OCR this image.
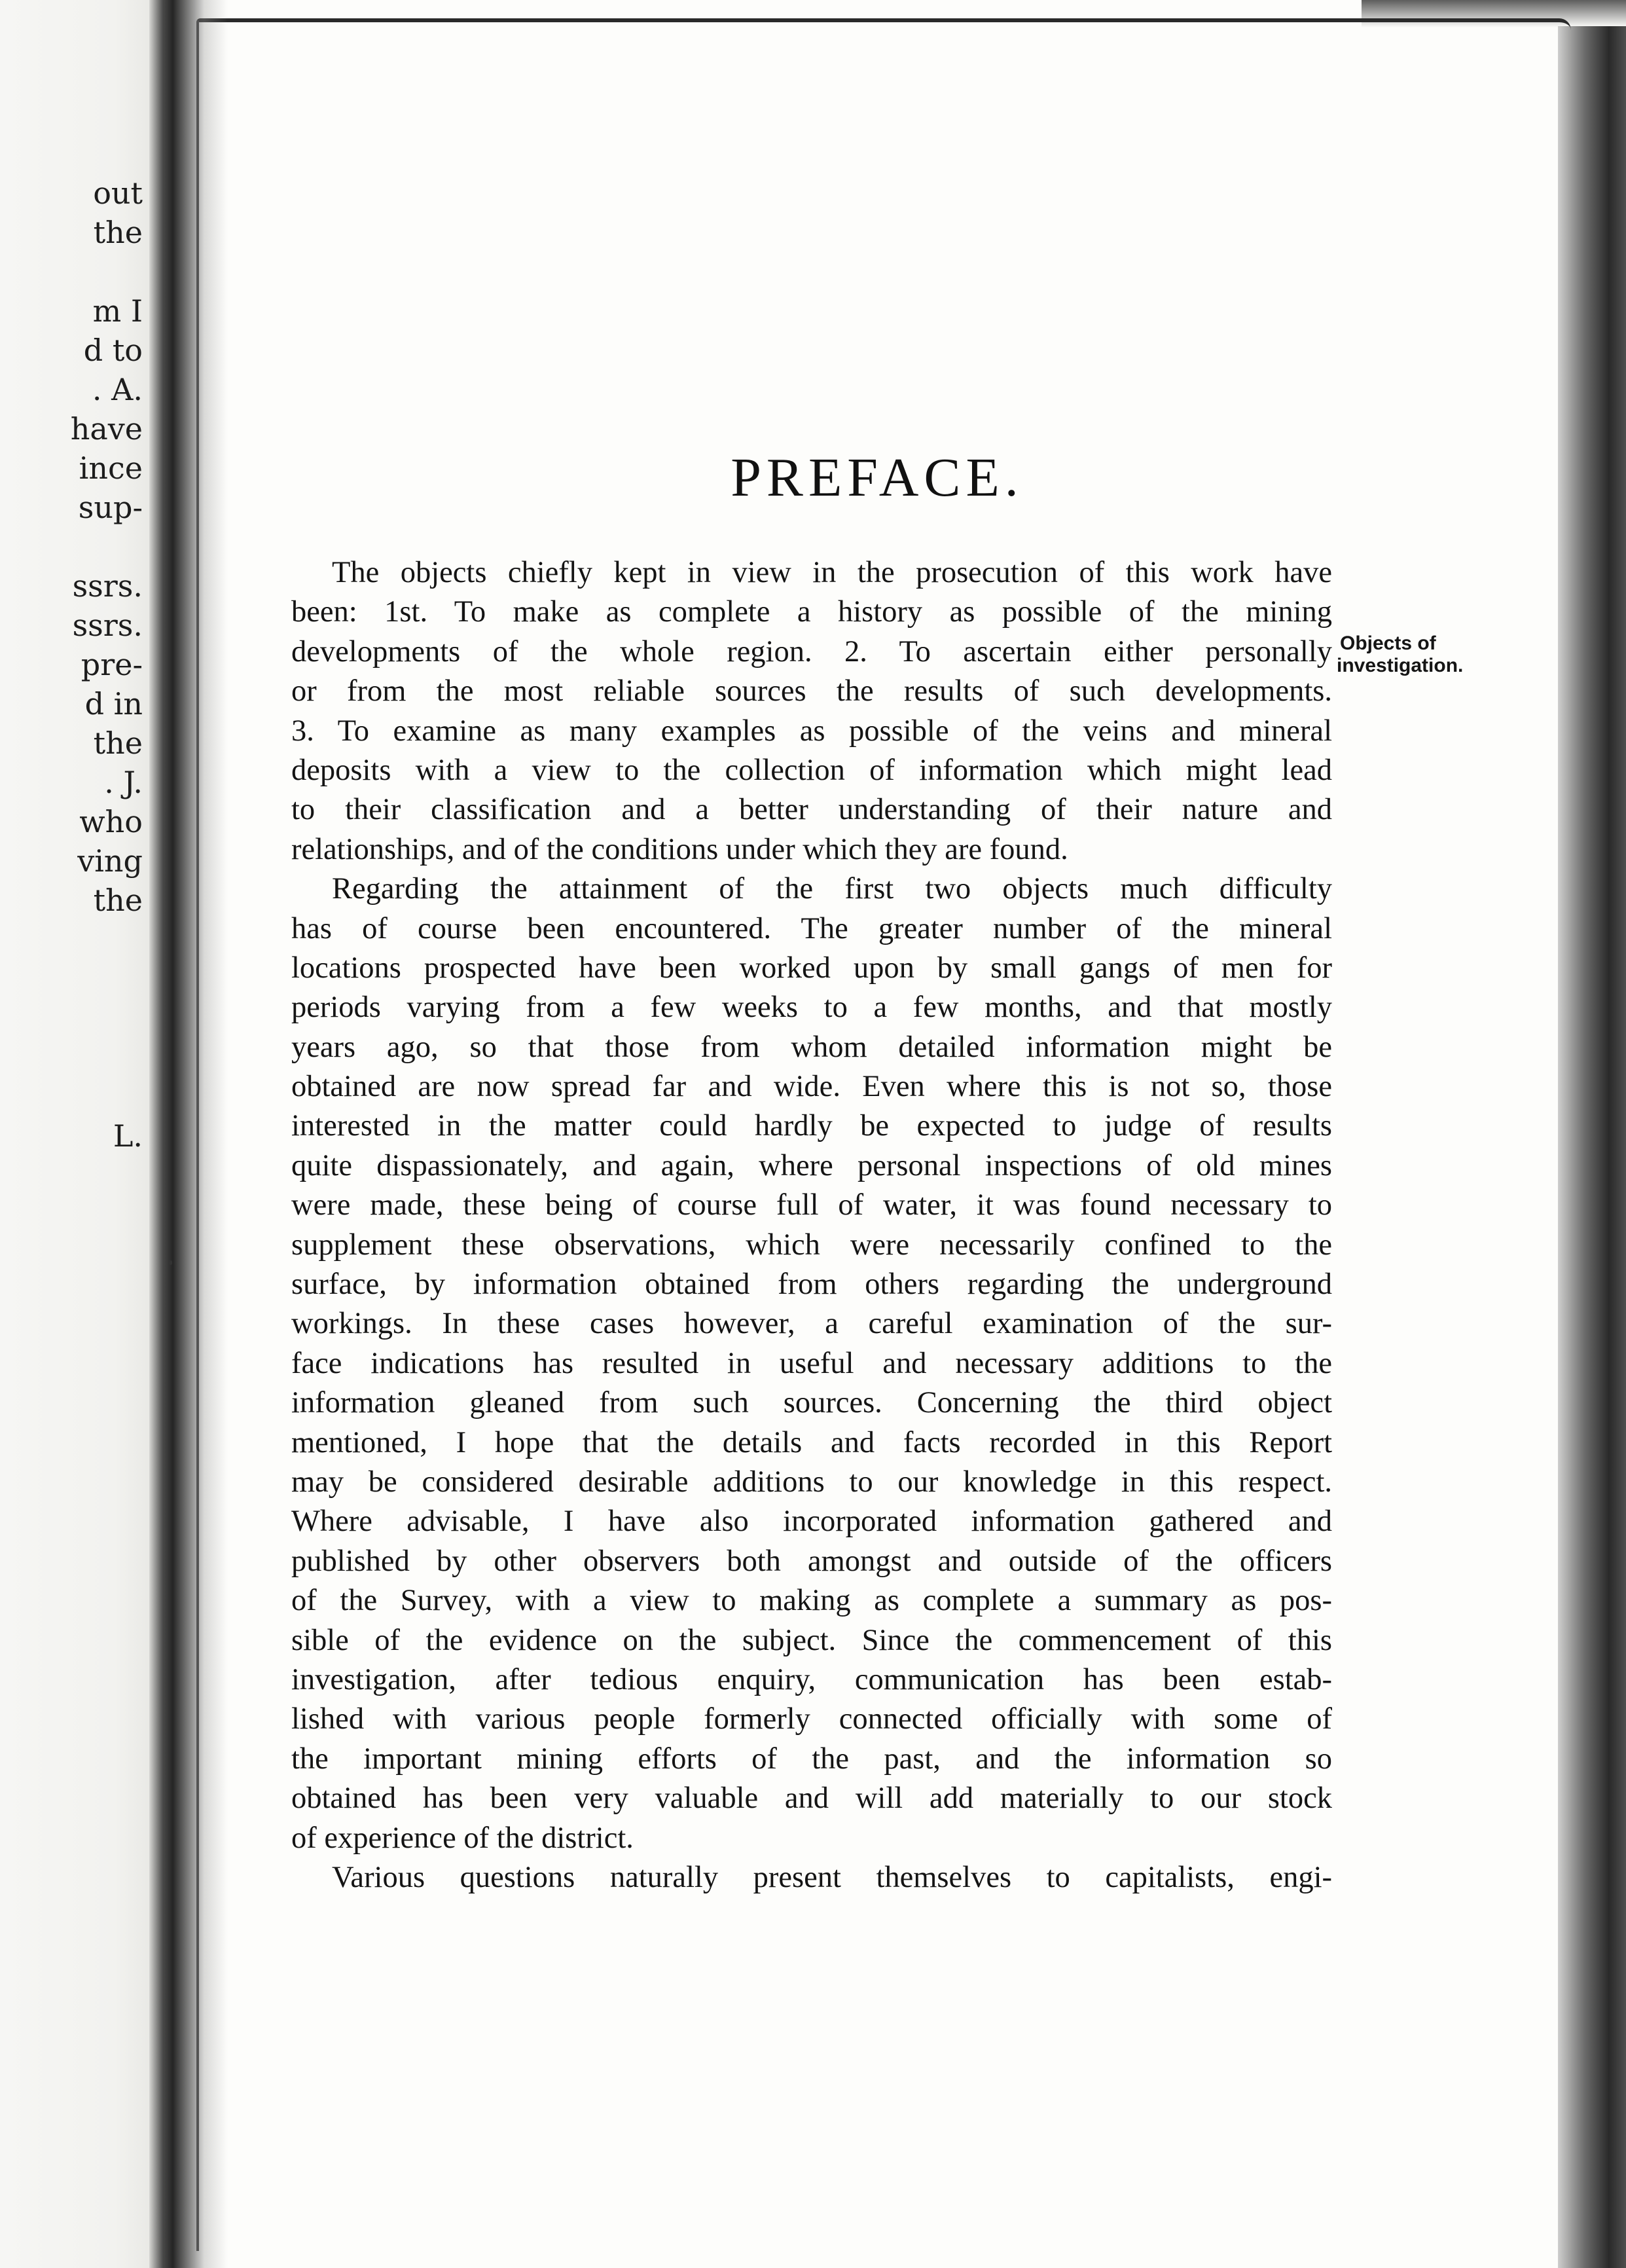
out
the
m I
d to
. A.
have
ince
sup-
ssrs.
ssrs.
pre-
d in
the
. J.
who
ving
the
L.
PREFACE.
Objects of
investigation.
The objects chiefly kept in view in the prosecution of this work have
been: 1st. To make as complete a history as possible of the mining
developments of the whole region. 2. To ascertain either personally
or from the most reliable sources the results of such developments.
3. To examine as many examples as possible of the veins and mineral
deposits with a view to the collection of information which might lead
to their classification and a better understanding of their nature and
relationships, and of the conditions under which they are found.
Regarding the attainment of the first two objects much difficulty
has of course been encountered. The greater number of the mineral
locations prospected have been worked upon by small gangs of men for
periods varying from a few weeks to a few months, and that mostly
years ago, so that those from whom detailed information might be
obtained are now spread far and wide. Even where this is not so, those
interested in the matter could hardly be expected to judge of results
quite dispassionately, and again, where personal inspections of old mines
were made, these being of course full of water, it was found necessary to
supplement these observations, which were necessarily confined to the
surface, by information obtained from others regarding the underground
workings. In these cases however, a careful examination of the sur-
face indications has resulted in useful and necessary additions to the
information gleaned from such sources. Concerning the third object
mentioned, I hope that the details and facts recorded in this Report
may be considered desirable additions to our knowledge in this respect.
Where advisable, I have also incorporated information gathered and
published by other observers both amongst and outside of the officers
of the Survey, with a view to making as complete a summary as pos-
sible of the evidence on the subject. Since the commencement of this
investigation, after tedious enquiry, communication has been estab-
lished with various people formerly connected officially with some of
the important mining efforts of the past, and the information so
obtained has been very valuable and will add materially to our stock
of experience of the district.
Various questions naturally present themselves to capitalists, engi-
